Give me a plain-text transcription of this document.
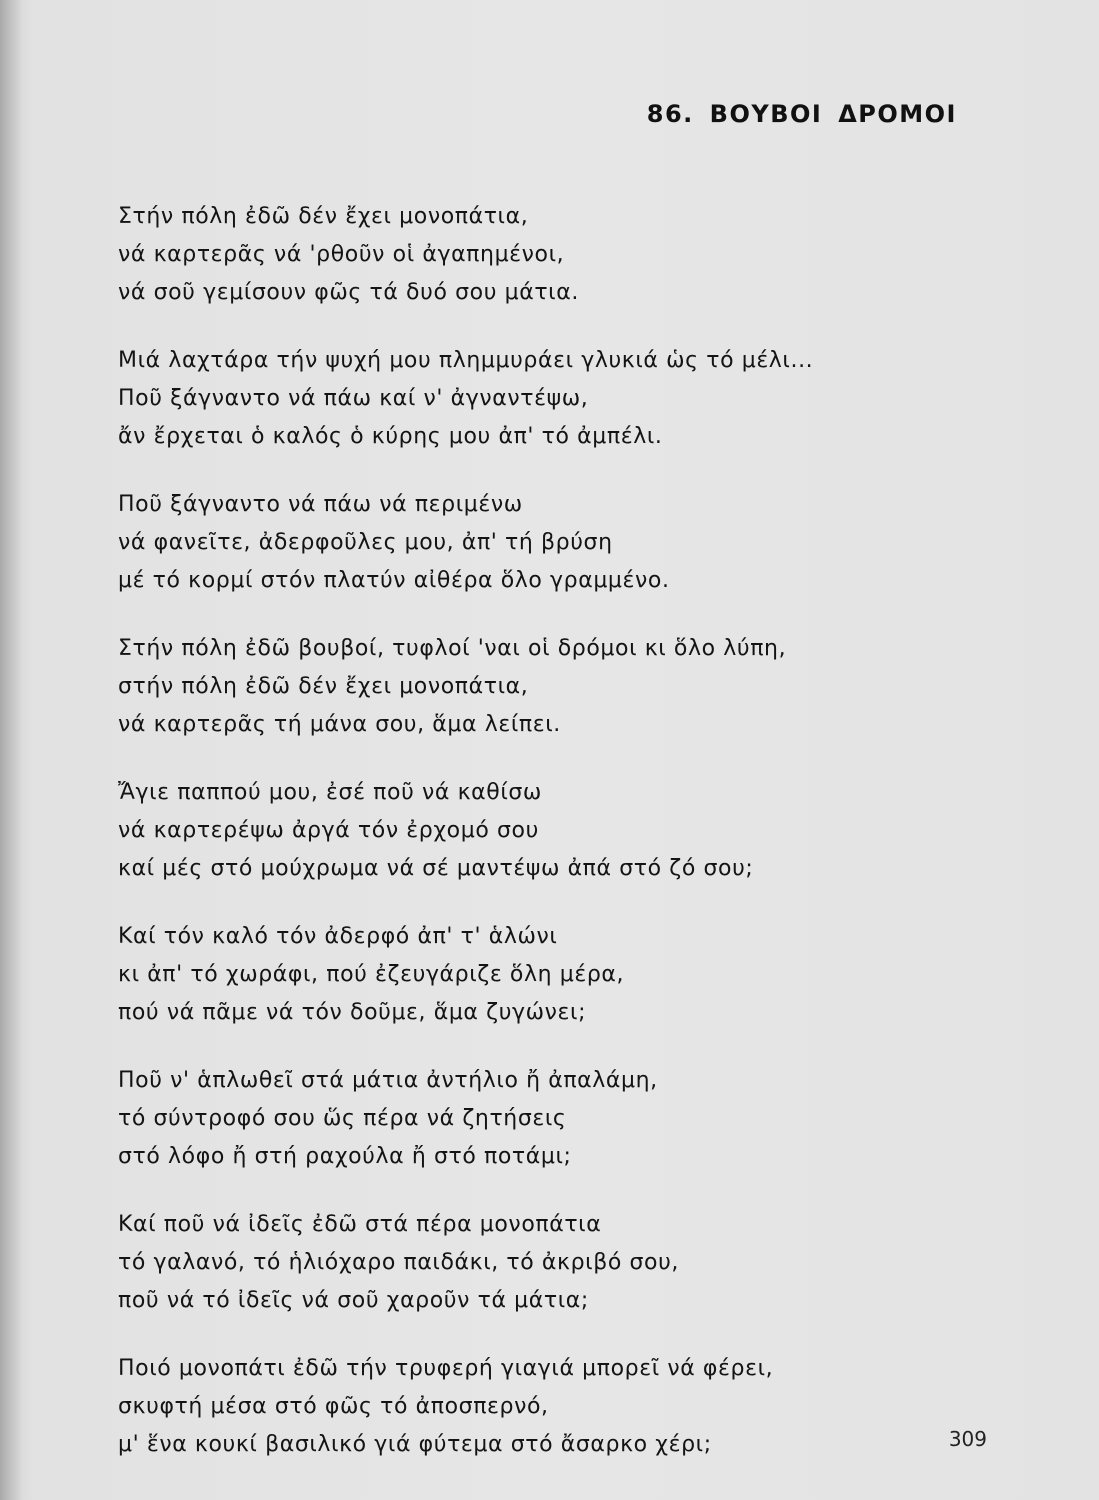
86. ΒΟΥΒΟΙ ΔΡΟΜΟΙ
Στήν πόλη ἐδῶ δέν ἔχει μονοπάτια,
νά καρτερᾶς νά 'ρθοῦν οἱ ἀγαπημένοι,
νά σοῦ γεμίσουν φῶς τά δυό σου μάτια.
Μιά λαχτάρα τήν ψυχή μου πλημμυράει γλυκιά ὡς τό μέλι...
Ποῦ ξάγναντο νά πάω καί ν' ἀγναντέψω,
ἄν ἔρχεται ὁ καλός ὁ κύρης μου ἀπ' τό ἀμπέλι.
Ποῦ ξάγναντο νά πάω νά περιμένω
νά φανεῖτε, ἀδερφοῦλες μου, ἀπ' τή βρύση
μέ τό κορμί στόν πλατύν αἰθέρα ὅλο γραμμένο.
Στήν πόλη ἐδῶ βουβοί, τυφλοί 'ναι οἱ δρόμοι κι ὅλο λύπη,
στήν πόλη ἐδῶ δέν ἔχει μονοπάτια,
νά καρτερᾶς τή μάνα σου, ἅμα λείπει.
Ἄγιε παππού μου, ἐσέ ποῦ νά καθίσω
νά καρτερέψω ἀργά τόν ἐρχομό σου
καί μές στό μούχρωμα νά σέ μαντέψω ἀπά στό ζό σου;
Καί τόν καλό τόν ἀδερφό ἀπ' τ' ἁλώνι
κι ἀπ' τό χωράφι, πού ἐζευγάριζε ὅλη μέρα,
πού νά πᾶμε νά τόν δοῦμε, ἅμα ζυγώνει;
Ποῦ ν' ἁπλωθεῖ στά μάτια ἀντήλιο ἤ ἀπαλάμη,
τό σύντροφό σου ὥς πέρα νά ζητήσεις
στό λόφο ἤ στή ραχούλα ἤ στό ποτάμι;
Καί ποῦ νά ἰδεῖς ἐδῶ στά πέρα μονοπάτια
τό γαλανό, τό ἡλιόχαρο παιδάκι, τό ἀκριβό σου,
ποῦ νά τό ἰδεῖς νά σοῦ χαροῦν τά μάτια;
Ποιό μονοπάτι ἐδῶ τήν τρυφερή γιαγιά μπορεῖ νά φέρει,
σκυφτή μέσα στό φῶς τό ἀποσπερνό,
μ' ἕνα κουκί βασιλικό γιά φύτεμα στό ἄσαρκο χέρι;	309
